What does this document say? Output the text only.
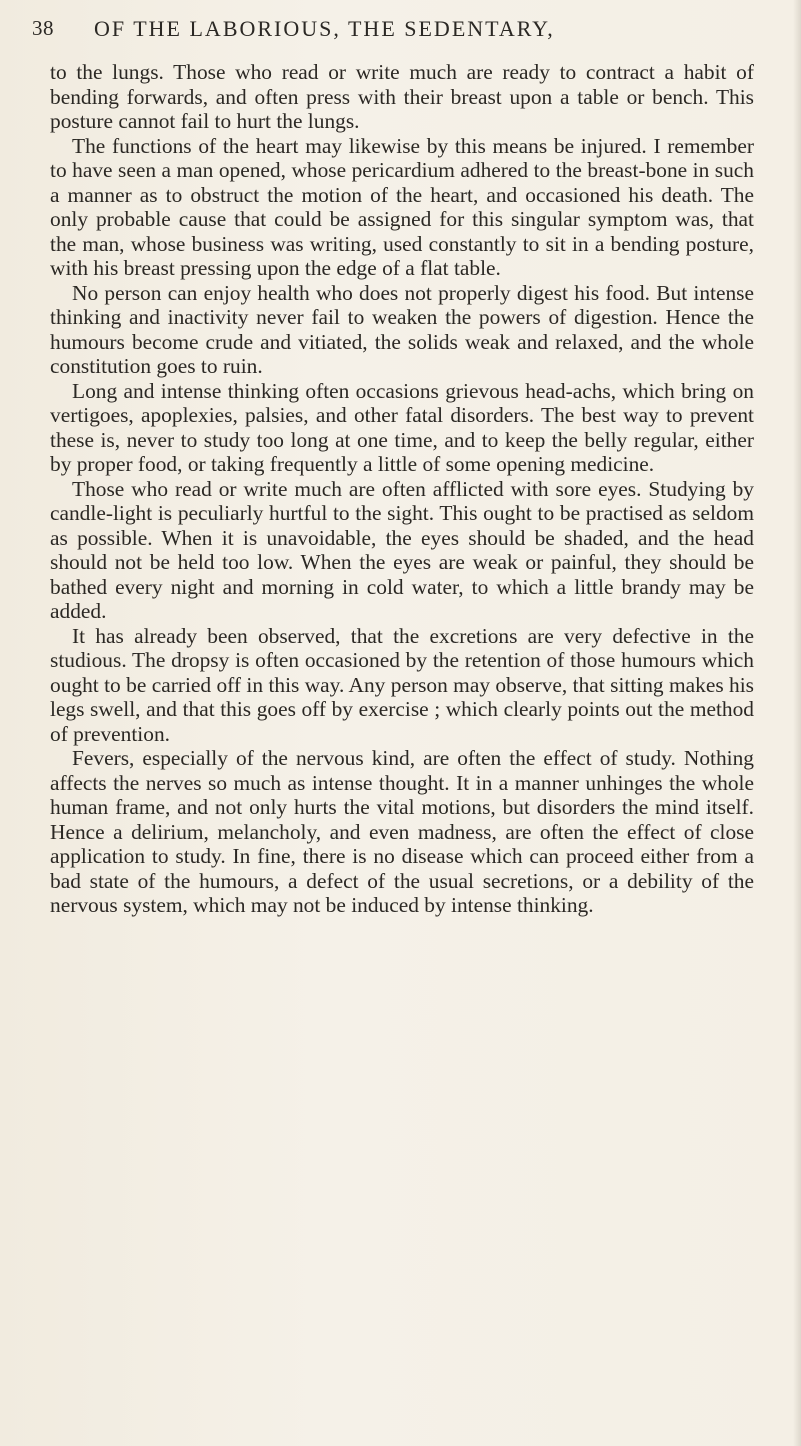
38 OF THE LABORIOUS, THE SEDENTARY,

to the lungs. Those who read or write much are ready to contract a habit of bending forwards, and often press with their breast upon a table or bench. This posture cannot fail to hurt the lungs.

The functions of the heart may likewise by this means be injured. I remember to have seen a man opened, whose pericardium adhered to the breast-bone in such a manner as to obstruct the motion of the heart, and occasioned his death. The only probable cause that could be assigned for this singular symptom was, that the man, whose business was writing, used constantly to sit in a bending posture, with his breast pressing upon the edge of a flat table.

No person can enjoy health who does not properly digest his food. But intense thinking and inactivity never fail to weaken the powers of digestion. Hence the humours become crude and vitiated, the solids weak and relaxed, and the whole constitution goes to ruin.

Long and intense thinking often occasions grievous head-achs, which bring on vertigoes, apoplexies, palsies, and other fatal disorders. The best way to prevent these is, never to study too long at one time, and to keep the belly regular, either by proper food, or taking frequently a little of some opening medicine.

Those who read or write much are often afflicted with sore eyes. Studying by candle-light is peculiarly hurtful to the sight. This ought to be practised as seldom as possible. When it is unavoidable, the eyes should be shaded, and the head should not be held too low. When the eyes are weak or painful, they should be bathed every night and morning in cold water, to which a little brandy may be added.

It has already been observed, that the excretions are very defective in the studious. The dropsy is often occasioned by the retention of those humours which ought to be carried off in this way. Any person may observe, that sitting makes his legs swell, and that this goes off by exercise ; which clearly points out the method of prevention.

Fevers, especially of the nervous kind, are often the effect of study. Nothing affects the nerves so much as intense thought. It in a manner unhinges the whole human frame, and not only hurts the vital motions, but disorders the mind itself. Hence a delirium, melancholy, and even madness, are often the effect of close application to study. In fine, there is no disease which can proceed either from a bad state of the humours, a defect of the usual secretions, or a debility of the nervous system, which may not be induced by intense thinking.
